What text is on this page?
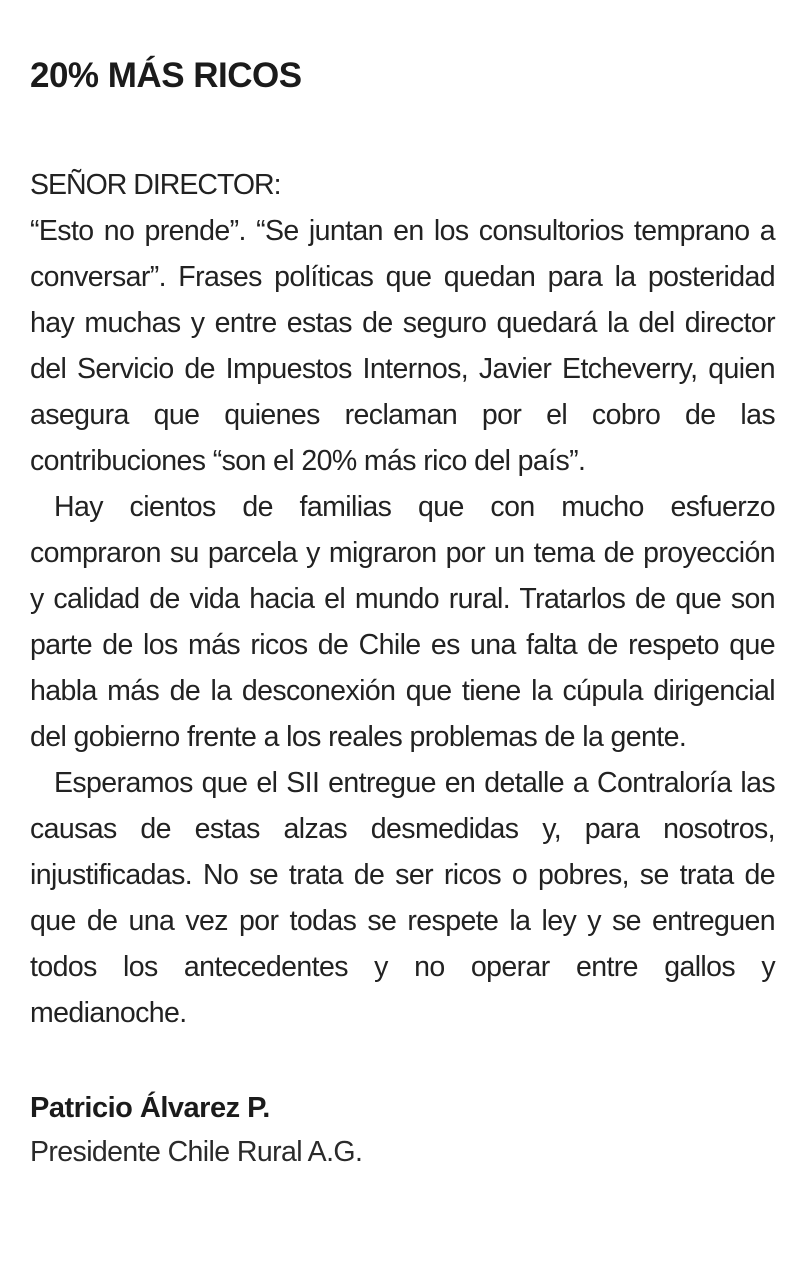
20% MÁS RICOS

SEÑOR DIRECTOR:

“Esto no prende”. “Se juntan en los consultorios temprano a conversar”. Frases políticas que quedan para la posteridad hay muchas y entre estas de seguro quedará la del director del Servicio de Impuestos Internos, Javier Etcheverry, quien asegura que quienes reclaman por el cobro de las contribuciones “son el 20% más rico del país”.

Hay cientos de familias que con mucho esfuerzo compraron su parcela y migraron por un tema de proyección y calidad de vida hacia el mundo rural. Tratarlos de que son parte de los más ricos de Chile es una falta de respeto que habla más de la desconexión que tiene la cúpula dirigencial del gobierno frente a los reales problemas de la gente.

Esperamos que el SII entregue en detalle a Contraloría las causas de estas alzas desmedidas y, para nosotros, injustificadas. No se trata de ser ricos o pobres, se trata de que de una vez por todas se respete la ley y se entreguen todos los antecedentes y no operar entre gallos y medianoche.

Patricio Álvarez P.

Presidente Chile Rural A.G.
